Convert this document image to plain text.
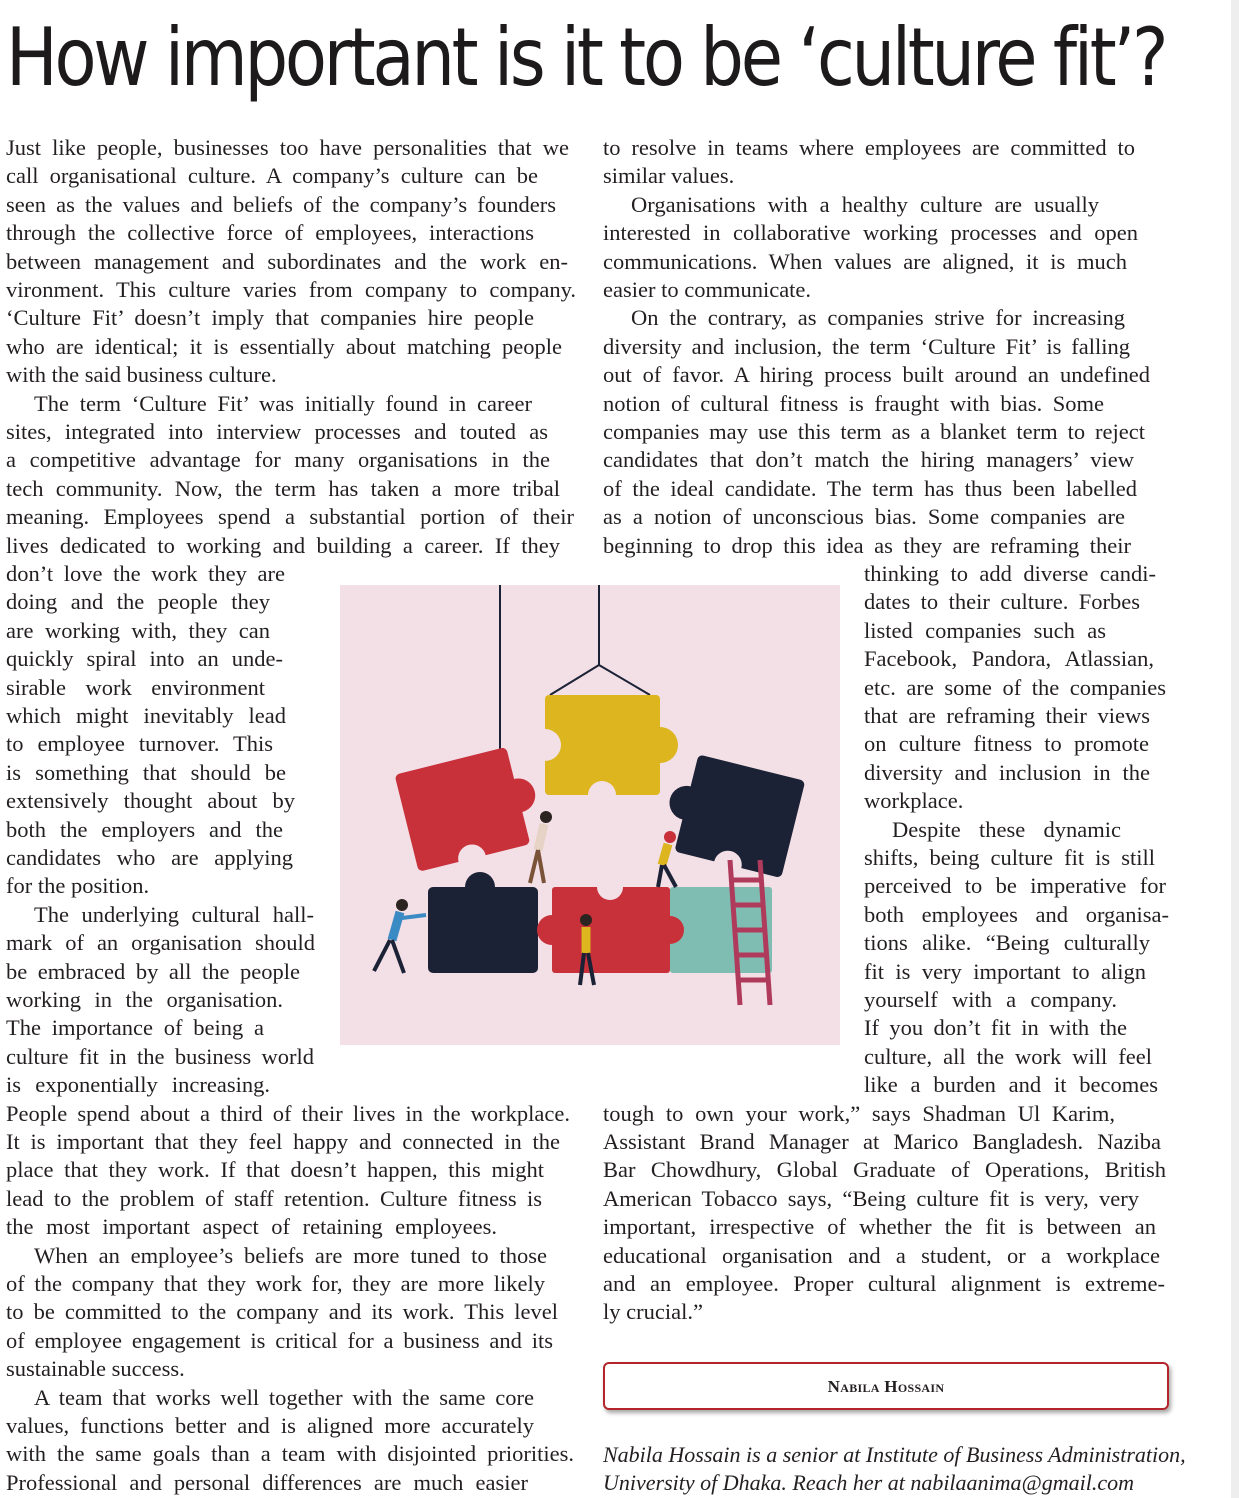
How important is it to be ‘culture fit’?

Just like people, businesses too have personalities that we

call organisational culture. A company’s culture can be

seen as the values and beliefs of the company’s founders

through the collective force of employees, interactions

between management and subordinates and the work en-

vironment. This culture varies from company to company.

‘Culture Fit’ doesn’t imply that companies hire people

who are identical; it is essentially about matching people

with the said business culture.

The term ‘Culture Fit’ was initially found in career

sites, integrated into interview processes and touted as

a competitive advantage for many organisations in the

tech community. Now, the term has taken a more tribal

meaning. Employees spend a substantial portion of their

lives dedicated to working and building a career. If they

don’t love the work they are

doing and the people they

are working with, they can

quickly spiral into an unde-

sirable work environment

which might inevitably lead

to employee turnover. This

is something that should be

extensively thought about by

both the employers and the

candidates who are applying

for the position.

The underlying cultural hall-

mark of an organisation should

be embraced by all the people

working in the organisation.

The importance of being a

culture fit in the business world

is exponentially increasing.

People spend about a third of their lives in the workplace.

It is important that they feel happy and connected in the

place that they work. If that doesn’t happen, this might

lead to the problem of staff retention. Culture fitness is

the most important aspect of retaining employees.

When an employee’s beliefs are more tuned to those

of the company that they work for, they are more likely

to be committed to the company and its work. This level

of employee engagement is critical for a business and its

sustainable success.

A team that works well together with the same core

values, functions better and is aligned more accurately

with the same goals than a team with disjointed priorities.

Professional and personal differences are much easier

to resolve in teams where employees are committed to

similar values.

Organisations with a healthy culture are usually

interested in collaborative working processes and open

communications. When values are aligned, it is much

easier to communicate.

On the contrary, as companies strive for increasing

diversity and inclusion, the term ‘Culture Fit’ is falling

out of favor. A hiring process built around an undefined

notion of cultural fitness is fraught with bias. Some

companies may use this term as a blanket term to reject

candidates that don’t match the hiring managers’ view

of the ideal candidate. The term has thus been labelled

as a notion of unconscious bias. Some companies are

beginning to drop this idea as they are reframing their

thinking to add diverse candi-

dates to their culture. Forbes

listed companies such as

Facebook, Pandora, Atlassian,

etc. are some of the companies

that are reframing their views

on culture fitness to promote

diversity and inclusion in the

workplace.

Despite these dynamic

shifts, being culture fit is still

perceived to be imperative for

both employees and organisa-

tions alike. “Being culturally

fit is very important to align

yourself with a company.

If you don’t fit in with the

culture, all the work will feel

like a burden and it becomes

tough to own your work,” says Shadman Ul Karim,

Assistant Brand Manager at Marico Bangladesh. Naziba

Bar Chowdhury, Global Graduate of Operations, British

American Tobacco says, “Being culture fit is very, very

important, irrespective of whether the fit is between an

educational organisation and a student, or a workplace

and an employee. Proper cultural alignment is extreme-

ly crucial.”

Nabila Hossain
Nabila Hossain is a senior at Institute of Business Administration,
University of Dhaka. Reach her at nabilaanima@gmail.com
